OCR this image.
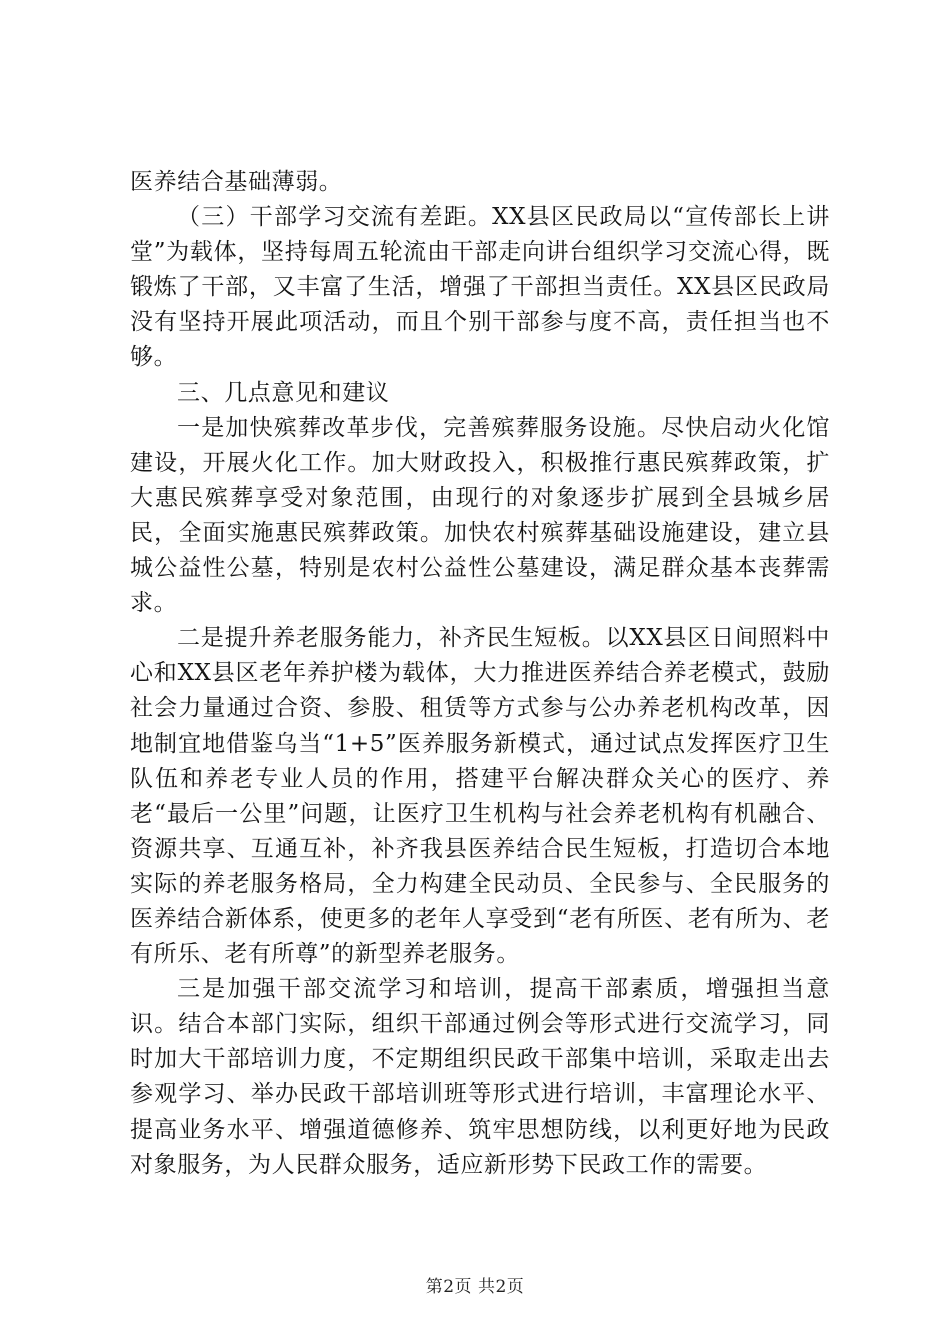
医养结合基础薄弱。

（三）干部学习交流有差距。XX县区民政局以“宣传部长上讲堂”为载体，坚持每周五轮流由干部走向讲台组织学习交流心得，既锻炼了干部，又丰富了生活，增强了干部担当责任。XX县区民政局没有坚持开展此项活动，而且个别干部参与度不高，责任担当也不够。

三、几点意见和建议

一是加快殡葬改革步伐，完善殡葬服务设施。尽快启动火化馆建设，开展火化工作。加大财政投入，积极推行惠民殡葬政策，扩大惠民殡葬享受对象范围，由现行的对象逐步扩展到全县城乡居民，全面实施惠民殡葬政策。加快农村殡葬基础设施建设，建立县城公益性公墓，特别是农村公益性公墓建设，满足群众基本丧葬需求。

二是提升养老服务能力，补齐民生短板。以XX县区日间照料中心和XX县区老年养护楼为载体，大力推进医养结合养老模式，鼓励社会力量通过合资、参股、租赁等方式参与公办养老机构改革，因地制宜地借鉴乌当“1+5”医养服务新模式，通过试点发挥医疗卫生队伍和养老专业人员的作用，搭建平台解决群众关心的医疗、养老“最后一公里”问题，让医疗卫生机构与社会养老机构有机融合、资源共享、互通互补，补齐我县医养结合民生短板，打造切合本地实际的养老服务格局，全力构建全民动员、全民参与、全民服务的医养结合新体系，使更多的老年人享受到“老有所医、老有所为、老有所乐、老有所尊”的新型养老服务。

三是加强干部交流学习和培训，提高干部素质，增强担当意识。结合本部门实际，组织干部通过例会等形式进行交流学习，同时加大干部培训力度，不定期组织民政干部集中培训，采取走出去参观学习、举办民政干部培训班等形式进行培训，丰富理论水平、提高业务水平、增强道德修养、筑牢思想防线，以利更好地为民政对象服务，为人民群众服务，适应新形势下民政工作的需要。

第2页 共2页
